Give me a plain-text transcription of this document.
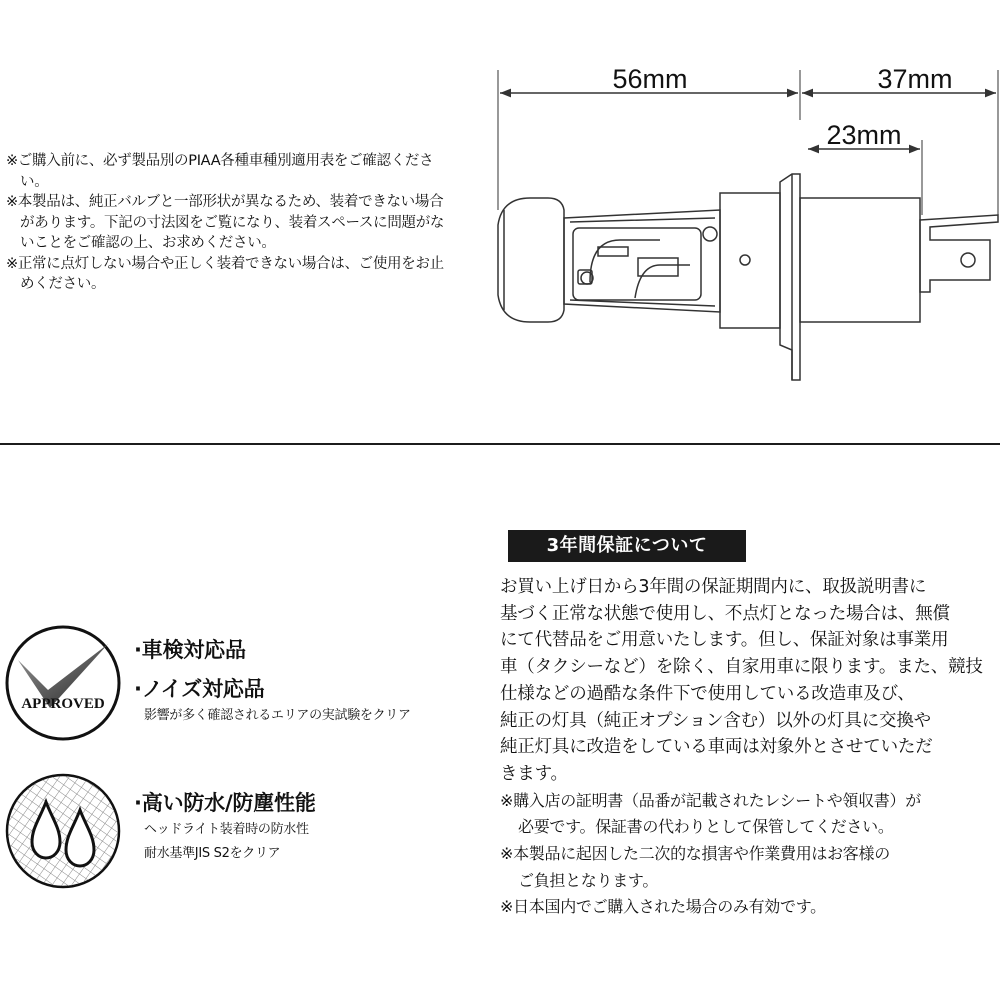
※ご購入前に、必ず製品別のPIAA各種車種別適用表をご確認ください。

※本製品は、純正バルブと一部形状が異なるため、装着できない場合があります。下記の寸法図をご覧になり、装着スペースに問題がないことをご確認の上、お求めください。

※正常に点灯しない場合や正しく装着できない場合は、ご使用をお止めください。

56mm	37mm
23mm
APPROVED

·車検対応品

·ノイズ対応品

影響が多く確認されるエリアの実試験をクリア

·高い防水/防塵性能

ヘッドライト装着時の防水性

耐水基準JIS S2をクリア

3年間保証について

お買い上げ日から3年間の保証期間内に、取扱説明書に

基づく正常な状態で使用し、不点灯となった場合は、無償

にて代替品をご用意いたします。但し、保証対象は事業用

車（タクシーなど）を除く、自家用車に限ります。また、競技

仕様などの過酷な条件下で使用している改造車及び、

純正の灯具（純正オプション含む）以外の灯具に交換や

純正灯具に改造をしている車両は対象外とさせていただ

きます。

※購入店の証明書（品番が記載されたレシートや領収書）が

必要です。保証書の代わりとして保管してください。

※本製品に起因した二次的な損害や作業費用はお客様の

ご負担となります。

※日本国内でご購入された場合のみ有効です。
